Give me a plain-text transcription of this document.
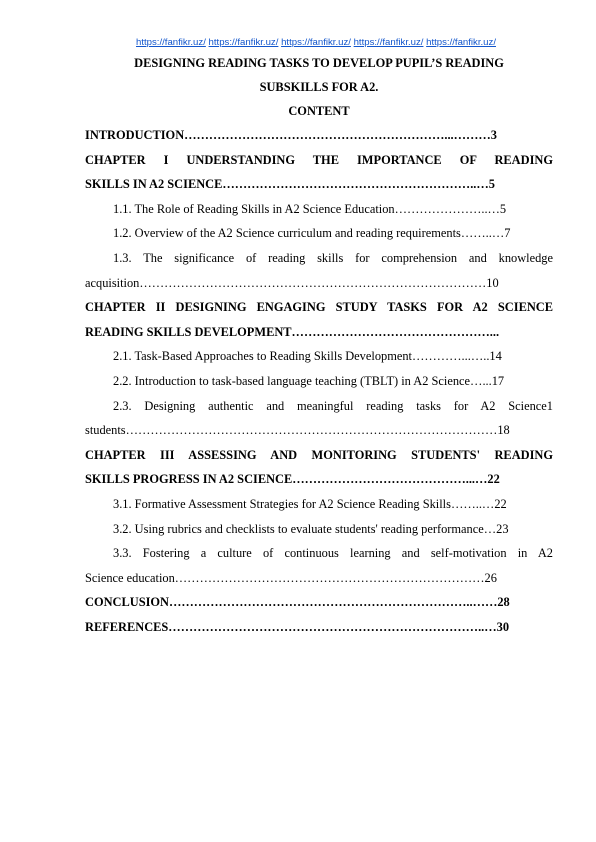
https://fanfikr.uz/ https://fanfikr.uz/ https://fanfikr.uz/ https://fanfikr.uz/ https://fanfikr.uz/
DESIGNING READING TASKS TO DEVELOP PUPIL’S READING
SUBSKILLS FOR A2.
CONTENT
INTRODUCTION………………………………………………………...………3
CHAPTER I UNDERSTANDING THE IMPORTANCE OF READING
SKILLS IN A2 SCIENCE……………………………………………………..…5
1.1. The Role of Reading Skills in A2 Science Education…………………..…5
1.2. Overview of the A2 Science curriculum and reading requirements……..…7
1.3. The significance of reading skills for comprehension and knowledge
acquisition…………………………………………………………………………10
CHAPTER II DESIGNING ENGAGING STUDY TASKS FOR A2 SCIENCE
READING SKILLS DEVELOPMENT…………………………………………...
2.1. Task-Based Approaches to Reading Skills Development…………...…..14
2.2. Introduction to task-based language teaching (TBLT) in A2 Science…...17
2.3. Designing authentic and meaningful reading tasks for A2 Science1
students………………………………………………………………………………18
CHAPTER III ASSESSING AND MONITORING STUDENTS' READING
SKILLS PROGRESS IN A2 SCIENCE……………………………………...…22
3.1. Formative Assessment Strategies for A2 Science Reading Skills……..…22
3.2. Using rubrics and checklists to evaluate students' reading performance…23
3.3. Fostering a culture of continuous learning and self-motivation in A2
Science education…………………………………………………………………26
CONCLUSION………………………………………………………………..……28
REFERENCES…………………………………………………………………..…30
